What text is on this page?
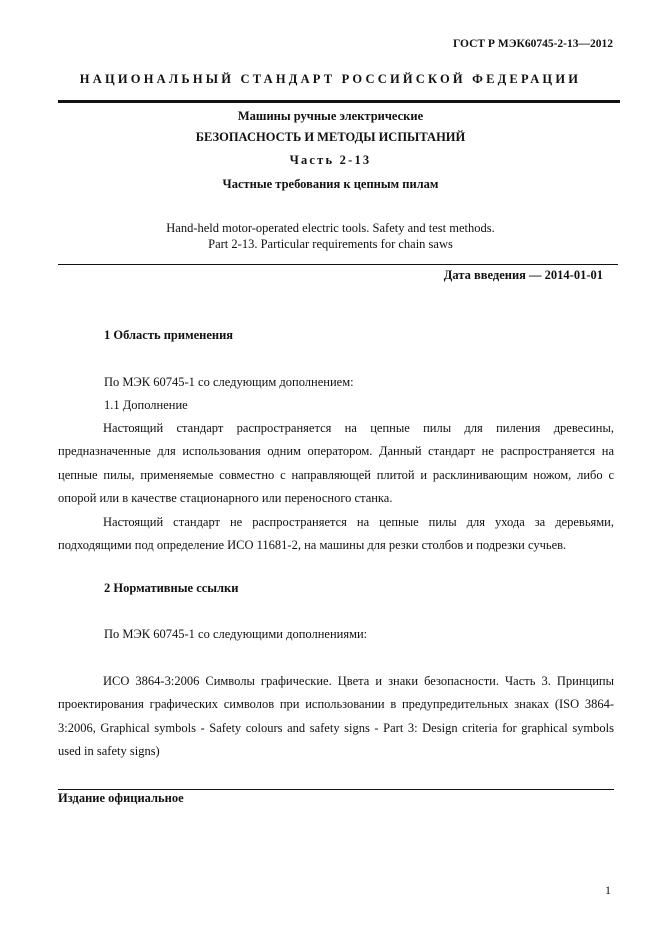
ГОСТ Р МЭК60745-2-13—2012
НАЦИОНАЛЬНЫЙ СТАНДАРТ РОССИЙСКОЙ ФЕДЕРАЦИИ
Машины ручные электрические
БЕЗОПАСНОСТЬ И МЕТОДЫ ИСПЫТАНИЙ
Часть 2-13
Частные требования к цепным пилам
Hand-held motor-operated electric tools. Safety and test methods.
Part 2-13. Particular requirements for chain saws
Дата введения — 2014-01-01
1 Область применения
По МЭК 60745-1 со следующим дополнением:
1.1 Дополнение
Настоящий стандарт распространяется на цепные пилы для пиления древесины, предназначенные для использования одним оператором. Данный стандарт не распространяется на цепные пилы, применяемые совместно с направляющей плитой и расклинивающим ножом, либо с опорой или в качестве стационарного или переносного станка.
Настоящий стандарт не распространяется на цепные пилы для ухода за деревьями, подходящими под определение ИСО 11681-2, на машины для резки столбов и подрезки сучьев.
2 Нормативные ссылки
По МЭК 60745-1 со следующими дополнениями:
ИСО 3864-3:2006 Символы графические. Цвета и знаки безопасности. Часть 3. Принципы проектирования графических символов при использовании в предупредительных знаках (ISO 3864-3:2006, Graphical symbols - Safety colours and safety signs - Part 3: Design criteria for graphical symbols used in safety signs)
Издание официальное
1
